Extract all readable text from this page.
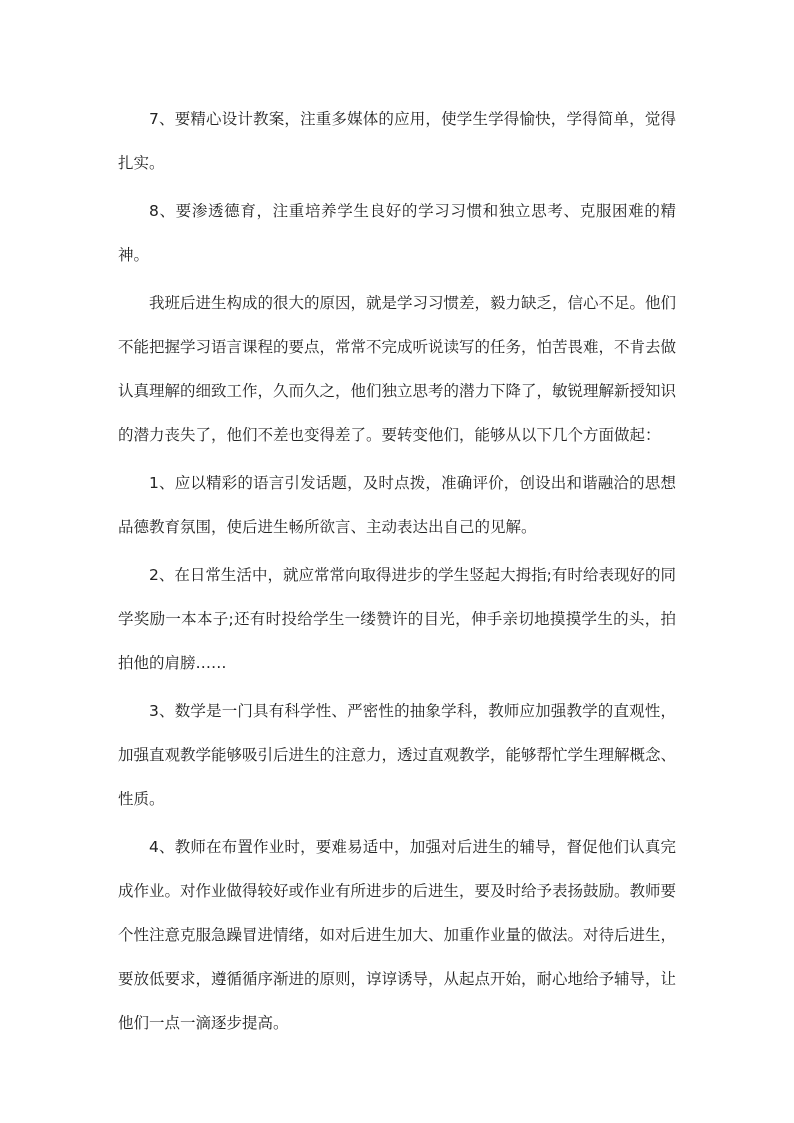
7、要精心设计教案，注重多媒体的应用，使学生学得愉快，学得简单，觉得扎实。

8、要渗透德育，注重培养学生良好的学习习惯和独立思考、克服困难的精神。

我班后进生构成的很大的原因，就是学习习惯差，毅力缺乏，信心不足。他们不能把握学习语言课程的要点，常常不完成听说读写的任务，怕苦畏难，不肯去做认真理解的细致工作，久而久之，他们独立思考的潜力下降了，敏锐理解新授知识的潜力丧失了，他们不差也变得差了。要转变他们，能够从以下几个方面做起：

1、应以精彩的语言引发话题，及时点拨，准确评价，创设出和谐融洽的思想品德教育氛围，使后进生畅所欲言、主动表达出自己的见解。

2、在日常生活中，就应常常向取得进步的学生竖起大拇指;有时给表现好的同学奖励一本本子;还有时投给学生一缕赞许的目光，伸手亲切地摸摸学生的头，拍拍他的肩膀……

3、数学是一门具有科学性、严密性的抽象学科，教师应加强教学的直观性，加强直观教学能够吸引后进生的注意力，透过直观教学，能够帮忙学生理解概念、性质。

4、教师在布置作业时，要难易适中，加强对后进生的辅导，督促他们认真完成作业。对作业做得较好或作业有所进步的后进生，要及时给予表扬鼓励。教师要个性注意克服急躁冒进情绪，如对后进生加大、加重作业量的做法。对待后进生，要放低要求，遵循循序渐进的原则，谆谆诱导，从起点开始，耐心地给予辅导，让他们一点一滴逐步提高。
